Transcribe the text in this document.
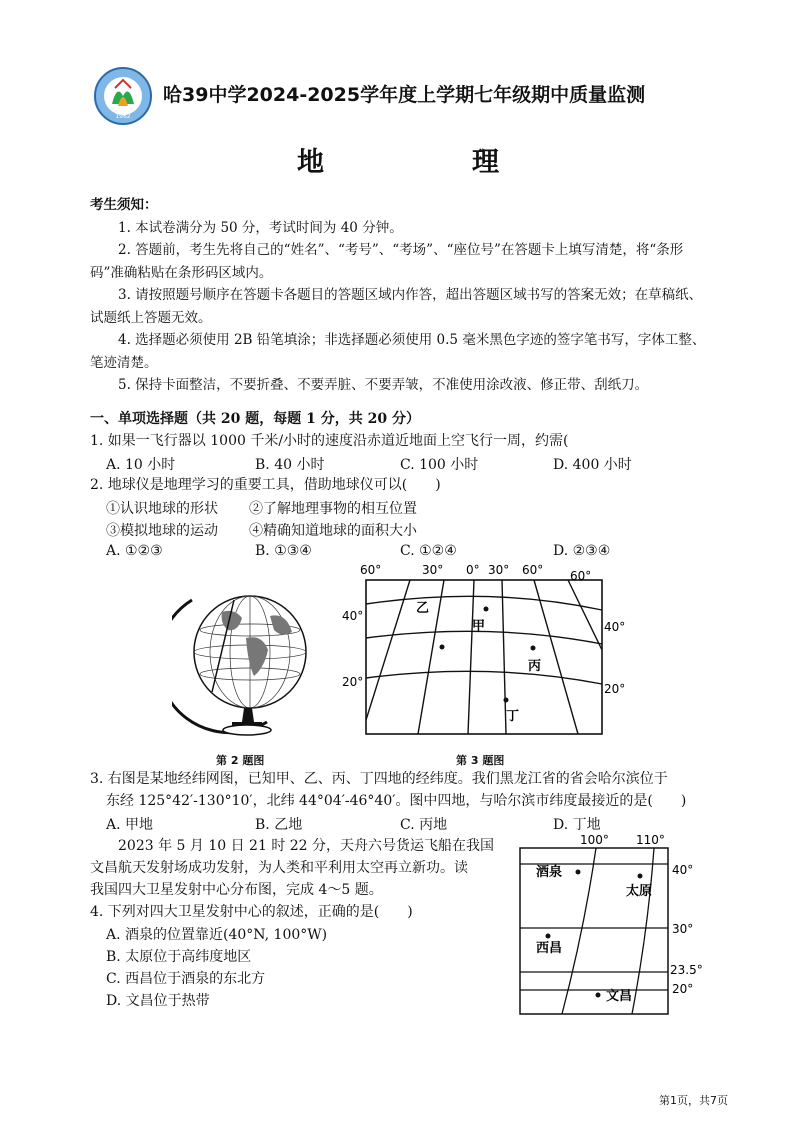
1962
哈39中学2024-2025学年度上学期七年级期中质量监测
地	理

考生须知：

1. 本试卷满分为 50 分，考试时间为 40 分钟。

2. 答题前，考生先将自己的“姓名”、“考号”、“考场”、“座位号”在答题卡上填写清楚，将“条形码”准确粘贴在条形码区域内。

3. 请按照题号顺序在答题卡各题目的答题区域内作答，超出答题区域书写的答案无效；在草稿纸、试题纸上答题无效。

4. 选择题必须使用 2B 铅笔填涂；非选择题必须使用 0.5 毫米黑色字迹的签字笔书写，字体工整、笔迹清楚。

5. 保持卡面整洁，不要折叠、不要弄脏、不要弄皱，不准使用涂改液、修正带、刮纸刀。

一、单项选择题（共 20 题，每题 1 分，共 20 分）
1. 如果一飞行器以 1000 千米/小时的速度沿赤道近地面上空飞行一周，约需(
A. 10 小时	B. 40 小时	C. 100 小时	D. 400 小时
2. 地球仪是地理学习的重要工具，借助地球仪可以(　　)
①认识地球的形状 ②了解地理事物的相互位置
③模拟地球的运动 ④精确知道地球的面积大小
A. ①②③	B. ①③④	C. ①②④	D. ②③④
第 2 题图
60°	30° 0° 30° 60° 60°
40°
20°
40°
20°
乙
甲
丙
丁
第 3 题图
3. 右图是某地经纬网图，已知甲、乙、丙、丁四地的经纬度。我们黑龙江省的省会哈尔滨位于
东经 125°42′-130°10′，北纬 44°04′-46°40′。图中四地，与哈尔滨市纬度最接近的是(　　)
A. 甲地	B. 乙地	C. 丙地	D. 丁地
2023 年 5 月 10 日 21 时 22 分，天舟六号货运飞船在我国
文昌航天发射场成功发射，为人类和平利用太空再立新功。读
我国四大卫星发射中心分布图，完成 4～5 题。
4. 下列对四大卫星发射中心的叙述，正确的是(　　)
A. 酒泉的位置靠近(40°N, 100°W)
B. 太原位于高纬度地区
C. 西昌位于酒泉的东北方
D. 文昌位于热带
100° 110°
40°
30°
23.5°
20°
酒泉
太原
西昌
文昌
第1页，共7页
